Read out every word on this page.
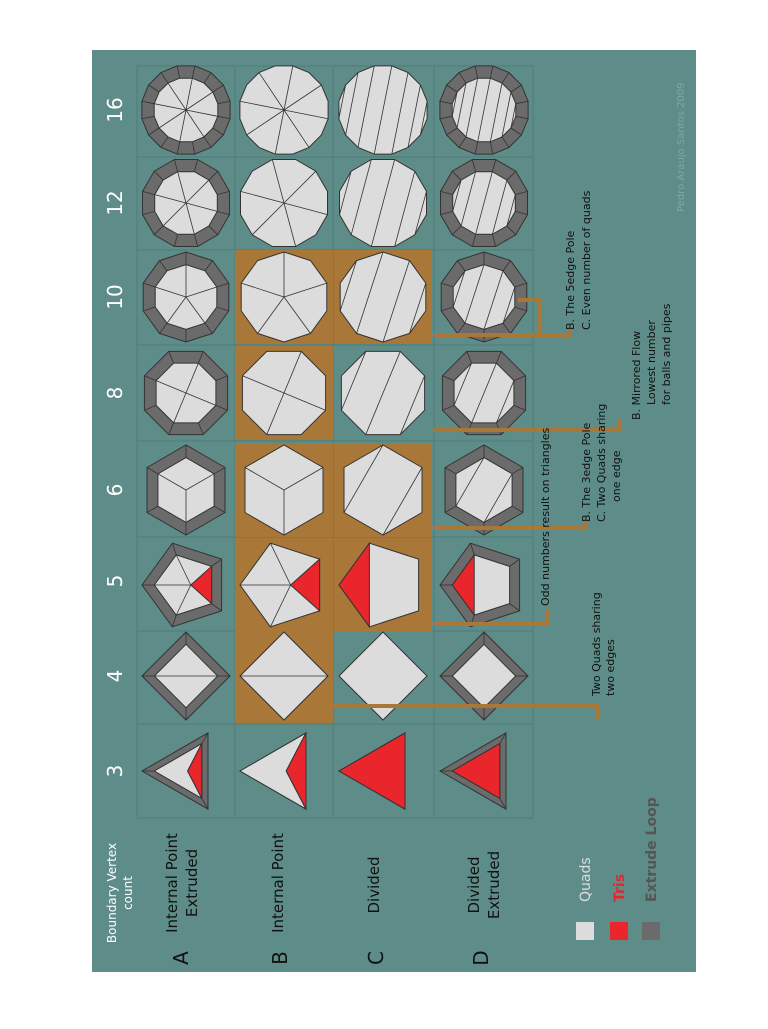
3
4
5
6
8
10
12
16
Boundary Vertex count
A
Internal Point Extruded
B
Internal Point
C
Divided
D
Divided Extruded	Quads Tris Extrude Loop
Two Quads sharing two edges
Odd numbers result on triangles	B. The 3edge Pole C. Two Quads sharing one edge
B. Mirrored Flow Lowest number for balls and pipes
B. The 5edge Pole C. Even number of quads
Pedro Araujo Santos 2009
